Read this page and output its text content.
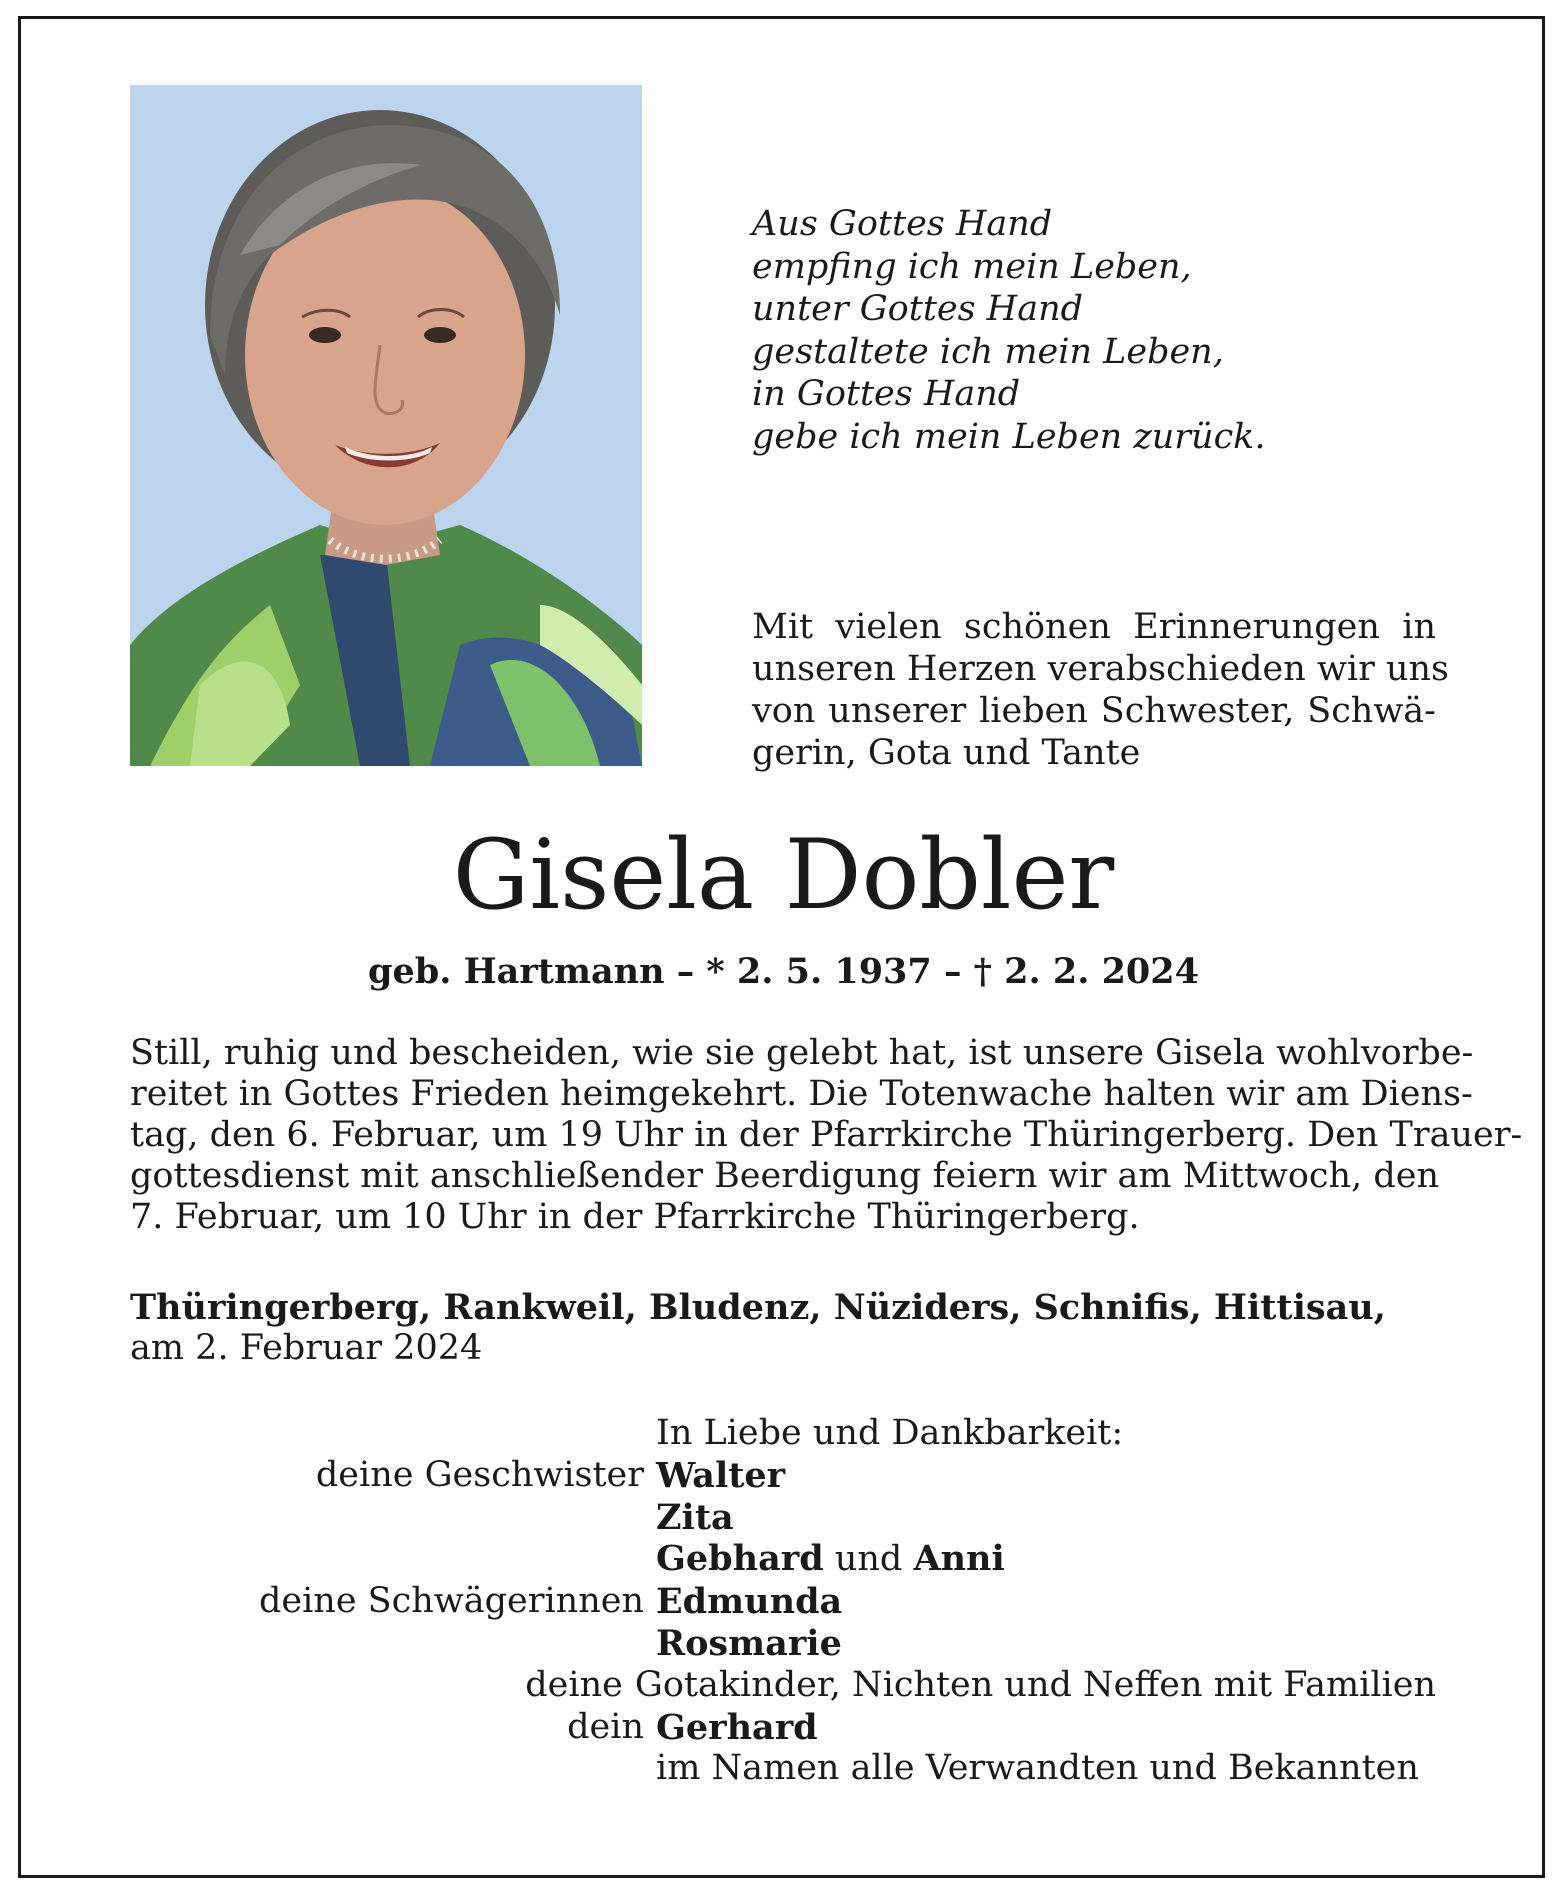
Aus Gottes Hand
empfing ich mein Leben,
unter Gottes Hand
gestaltete ich mein Leben,
in Gottes Hand
gebe ich mein Leben zurück.
Mit vielen schönen Erinnerungen in
unseren Herzen verabschieden wir uns
von unserer lieben Schwester, Schwä-
gerin, Gota und Tante
Gisela Dobler
geb. Hartmann – * 2. 5. 1937 – † 2. 2. 2024
Still, ruhig und bescheiden, wie sie gelebt hat, ist unsere Gisela wohlvorbe-
reitet in Gottes Frieden heimgekehrt. Die Totenwache halten wir am Diens-
tag, den 6. Februar, um 19 Uhr in der Pfarrkirche Thüringerberg. Den Trauer-
gottesdienst mit anschließender Beerdigung feiern wir am Mittwoch, den
7. Februar, um 10 Uhr in der Pfarrkirche Thüringerberg.
Thüringerberg, Rankweil, Bludenz, Nüziders, Schnifis, Hittisau,
am 2. Februar 2024
In Liebe und Dankbarkeit:
deine Geschwister Walter
Zita
Gebhard und Anni
deine Schwägerinnen Edmunda
Rosmarie
deine Gotakinder, Nichten und Neffen mit Familien
dein Gerhard
im Namen alle Verwandten und Bekannten
